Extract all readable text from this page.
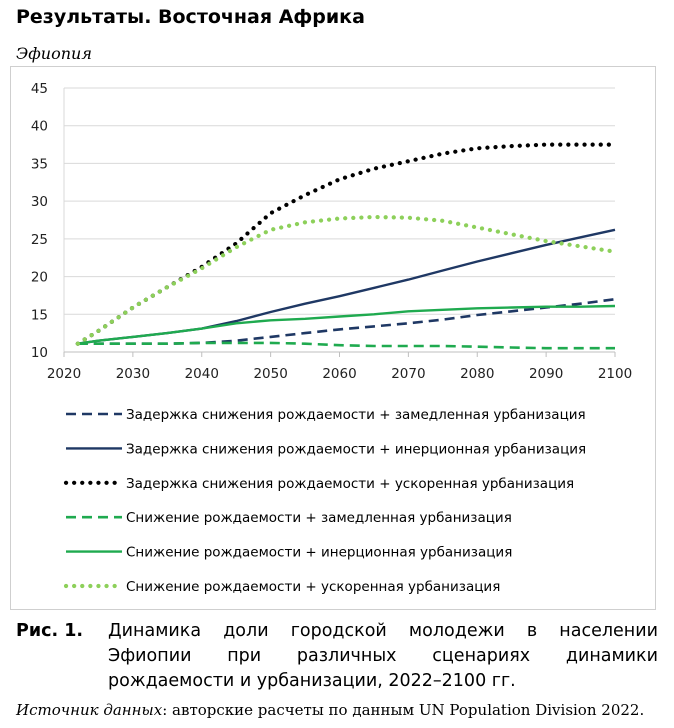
Результаты. Восточная Африка
Эфиопия
10
15
20
25
30
35
40
45
2020	2030	2040	2050	2060	2070	2080	2090	2100
Задержка снижения рождаемости + замедленная урбанизация
Задержка снижения рождаемости + инерционная урбанизация
Задержка снижения рождаемости + ускоренная урбанизация
Снижение рождаемости + замедленная урбанизация
Снижение рождаемости + инерционная урбанизация
Снижение рождаемости + ускоренная урбанизация
Рис. 1. Динамика доли городской молодежи в населении Эфиопии при различных сценариях динамики рождаемости и урбанизации, 2022–2100 гг.
Источник данных: авторские расчеты по данным UN Population Division 2022.
